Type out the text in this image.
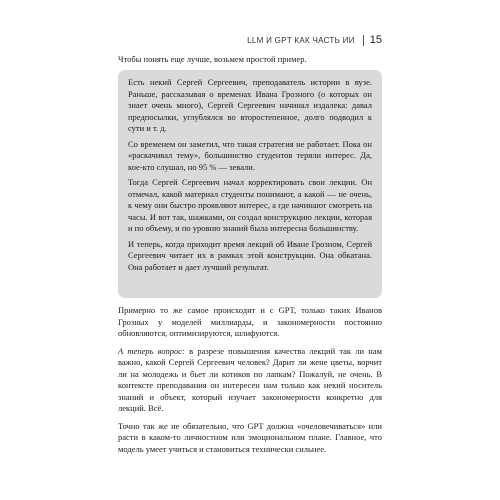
LLM И GPT КАК ЧАСТЬ ИИ 15

Чтобы понять еще лучше, возьмем простой пример.

Есть некий Сергей Сергеевич, преподаватель истории в вузе. Раньше, рассказывая о временах Ивана Грозного (о которых он знает очень много), Сергей Сергеевич начинал издалека: давал предпосылки, углублялся во второстепенное, долго подводил к сути и т. д.

Со временем он заметил, что такая стратегия не работает. Пока он «раскачивал тему», большинство студентов теряли интерес. Да, кое-кто слушал, но 95 % — зевали.

Тогда Сергей Сергеевич начал корректировать свои лекции. Он отмечал, какой материал студенты понимают, а какой — не очень, к чему они быстро проявляют интерес, а где начинают смотреть на часы. И вот так, шажками, он создал конструкцию лекции, которая и по объему, и по уровню знаний была интересна большинству.

И теперь, когда приходит время лекций об Иване Грозном, Сергей Сергеевич читает их в рамках этой конструкции. Она обкатана. Она работает и дает лучший результат.

Примерно то же самое происходит и с GPT, только таких Иванов Грозных у моделей миллиарды, и закономерности постоянно обновляются, оптимизируются, шлифуются.

А теперь вопрос: в разрезе повышения качества лекций так ли нам важно, какой Сергей Сергеевич человек? Дарит ли жене цветы, ворчит ли на молодежь и бьет ли котиков по лапкам? Пожалуй, не очень. В контексте преподавания он интересен нам только как некий носитель знаний и объект, который изучает закономерности конкретно для лекций. Всё.

Точно так же не обязательно, что GPT должна «очеловечиваться» или расти в каком-то личностном или эмоциональном плане. Главное, что модель умеет учиться и становиться технически сильнее.
